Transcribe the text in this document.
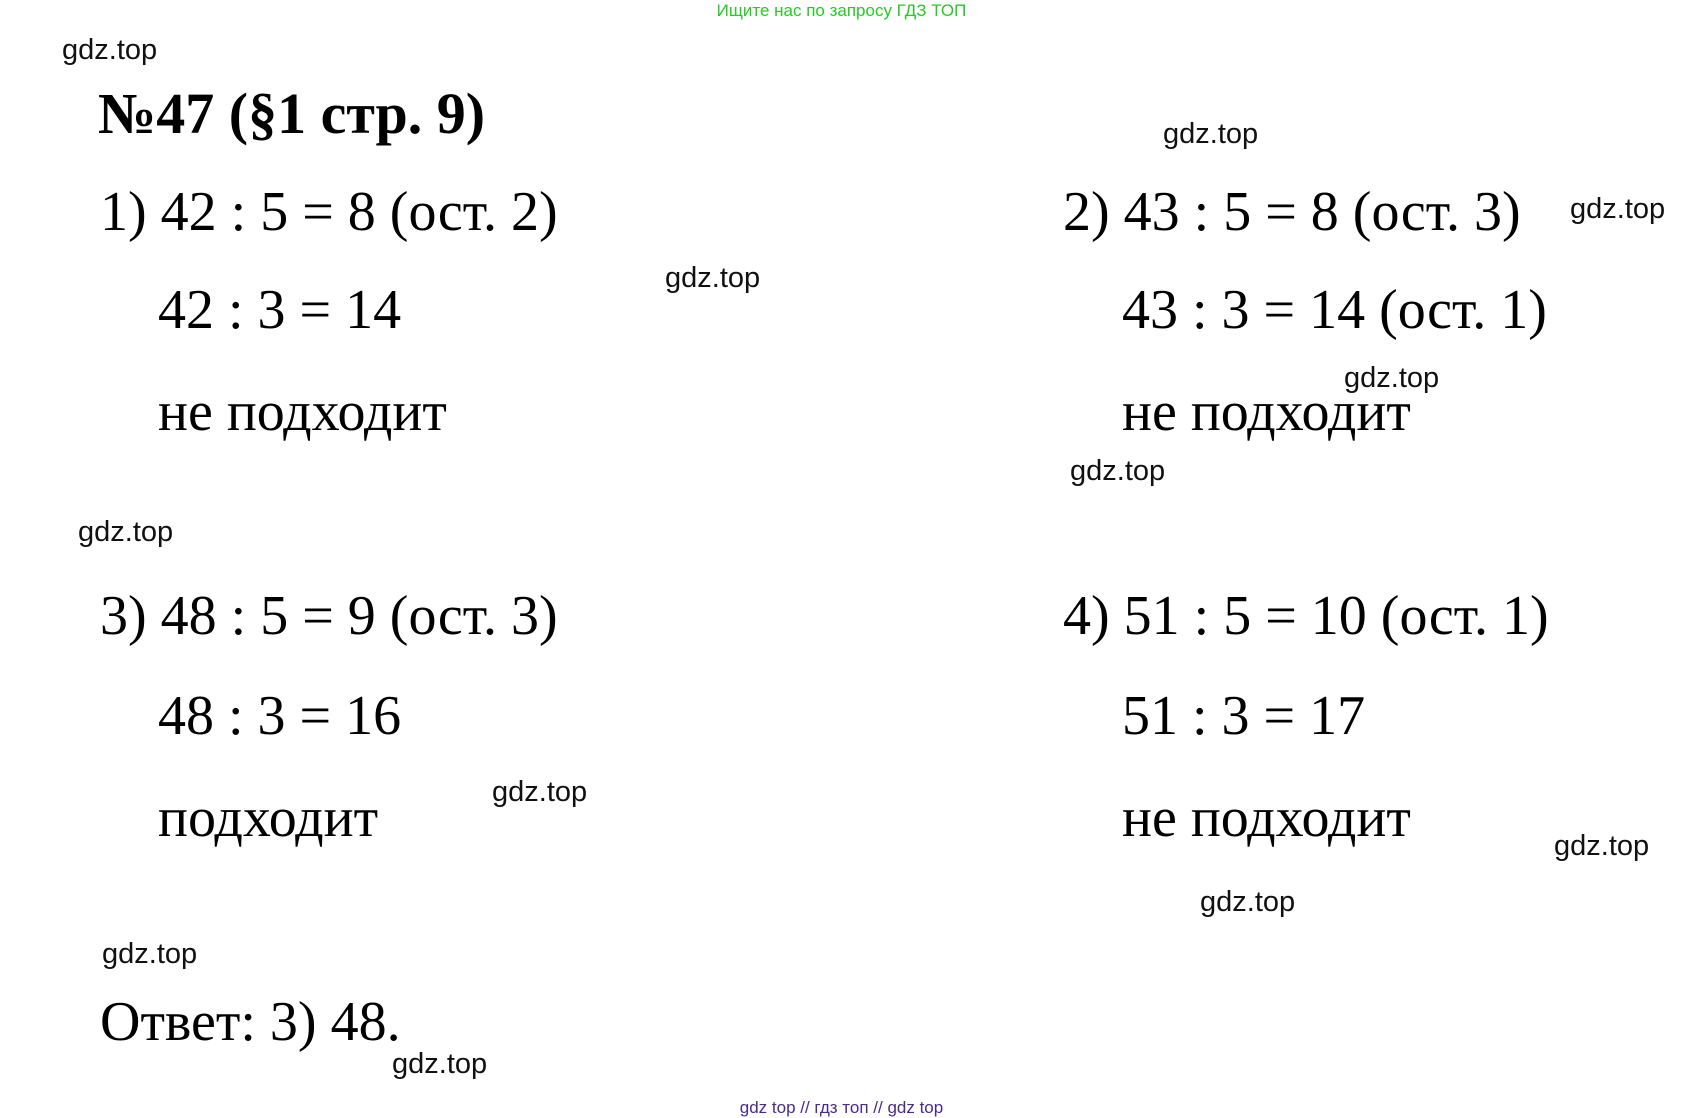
Ищите нас по запросу ГДЗ ТОП
gdz.top
№47 (§1 стр. 9)	gdz.top
1) 42 : 5 = 8 (ост. 2)
42 : 3 = 14
не подходит
gdz.top
2) 43 : 5 = 8 (ост. 3)
43 : 3 = 14 (ост. 1)
не подходит
gdz.top
gdz.top
gdz.top
gdz.top
3) 48 : 5 = 9 (ост. 3)
48 : 3 = 16
подходит	gdz.top
4) 51 : 5 = 10 (ост. 1)
51 : 3 = 17
не подходит	gdz.top
gdz.top
gdz.top
Ответ: 3) 48.
gdz.top
gdz top // гдз топ // gdz top
